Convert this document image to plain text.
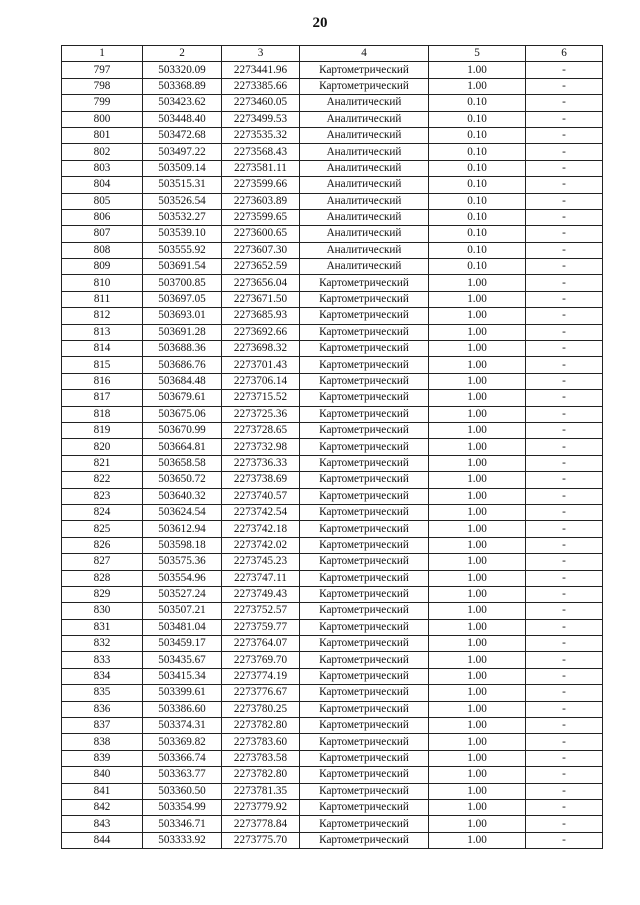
20
1	2	3	4	5	6
797	503320.09	2273441.96	Картометрический	1.00	-
798	503368.89	2273385.66	Картометрический	1.00	-
799	503423.62	2273460.05	Аналитический	0.10	-
800	503448.40	2273499.53	Аналитический	0.10	-
801	503472.68	2273535.32	Аналитический	0.10	-
802	503497.22	2273568.43	Аналитический	0.10	-
803	503509.14	2273581.11	Аналитический	0.10	-
804	503515.31	2273599.66	Аналитический	0.10	-
805	503526.54	2273603.89	Аналитический	0.10	-
806	503532.27	2273599.65	Аналитический	0.10	-
807	503539.10	2273600.65	Аналитический	0.10	-
808	503555.92	2273607.30	Аналитический	0.10	-
809	503691.54	2273652.59	Аналитический	0.10	-
810	503700.85	2273656.04	Картометрический	1.00	-
811	503697.05	2273671.50	Картометрический	1.00	-
812	503693.01	2273685.93	Картометрический	1.00	-
813	503691.28	2273692.66	Картометрический	1.00	-
814	503688.36	2273698.32	Картометрический	1.00	-
815	503686.76	2273701.43	Картометрический	1.00	-
816	503684.48	2273706.14	Картометрический	1.00	-
817	503679.61	2273715.52	Картометрический	1.00	-
818	503675.06	2273725.36	Картометрический	1.00	-
819	503670.99	2273728.65	Картометрический	1.00	-
820	503664.81	2273732.98	Картометрический	1.00	-
821	503658.58	2273736.33	Картометрический	1.00	-
822	503650.72	2273738.69	Картометрический	1.00	-
823	503640.32	2273740.57	Картометрический	1.00	-
824	503624.54	2273742.54	Картометрический	1.00	-
825	503612.94	2273742.18	Картометрический	1.00	-
826	503598.18	2273742.02	Картометрический	1.00	-
827	503575.36	2273745.23	Картометрический	1.00	-
828	503554.96	2273747.11	Картометрический	1.00	-
829	503527.24	2273749.43	Картометрический	1.00	-
830	503507.21	2273752.57	Картометрический	1.00	-
831	503481.04	2273759.77	Картометрический	1.00	-
832	503459.17	2273764.07	Картометрический	1.00	-
833	503435.67	2273769.70	Картометрический	1.00	-
834	503415.34	2273774.19	Картометрический	1.00	-
835	503399.61	2273776.67	Картометрический	1.00	-
836	503386.60	2273780.25	Картометрический	1.00	-
837	503374.31	2273782.80	Картометрический	1.00	-
838	503369.82	2273783.60	Картометрический	1.00	-
839	503366.74	2273783.58	Картометрический	1.00	-
840	503363.77	2273782.80	Картометрический	1.00	-
841	503360.50	2273781.35	Картометрический	1.00	-
842	503354.99	2273779.92	Картометрический	1.00	-
843	503346.71	2273778.84	Картометрический	1.00	-
844	503333.92	2273775.70	Картометрический	1.00	-
